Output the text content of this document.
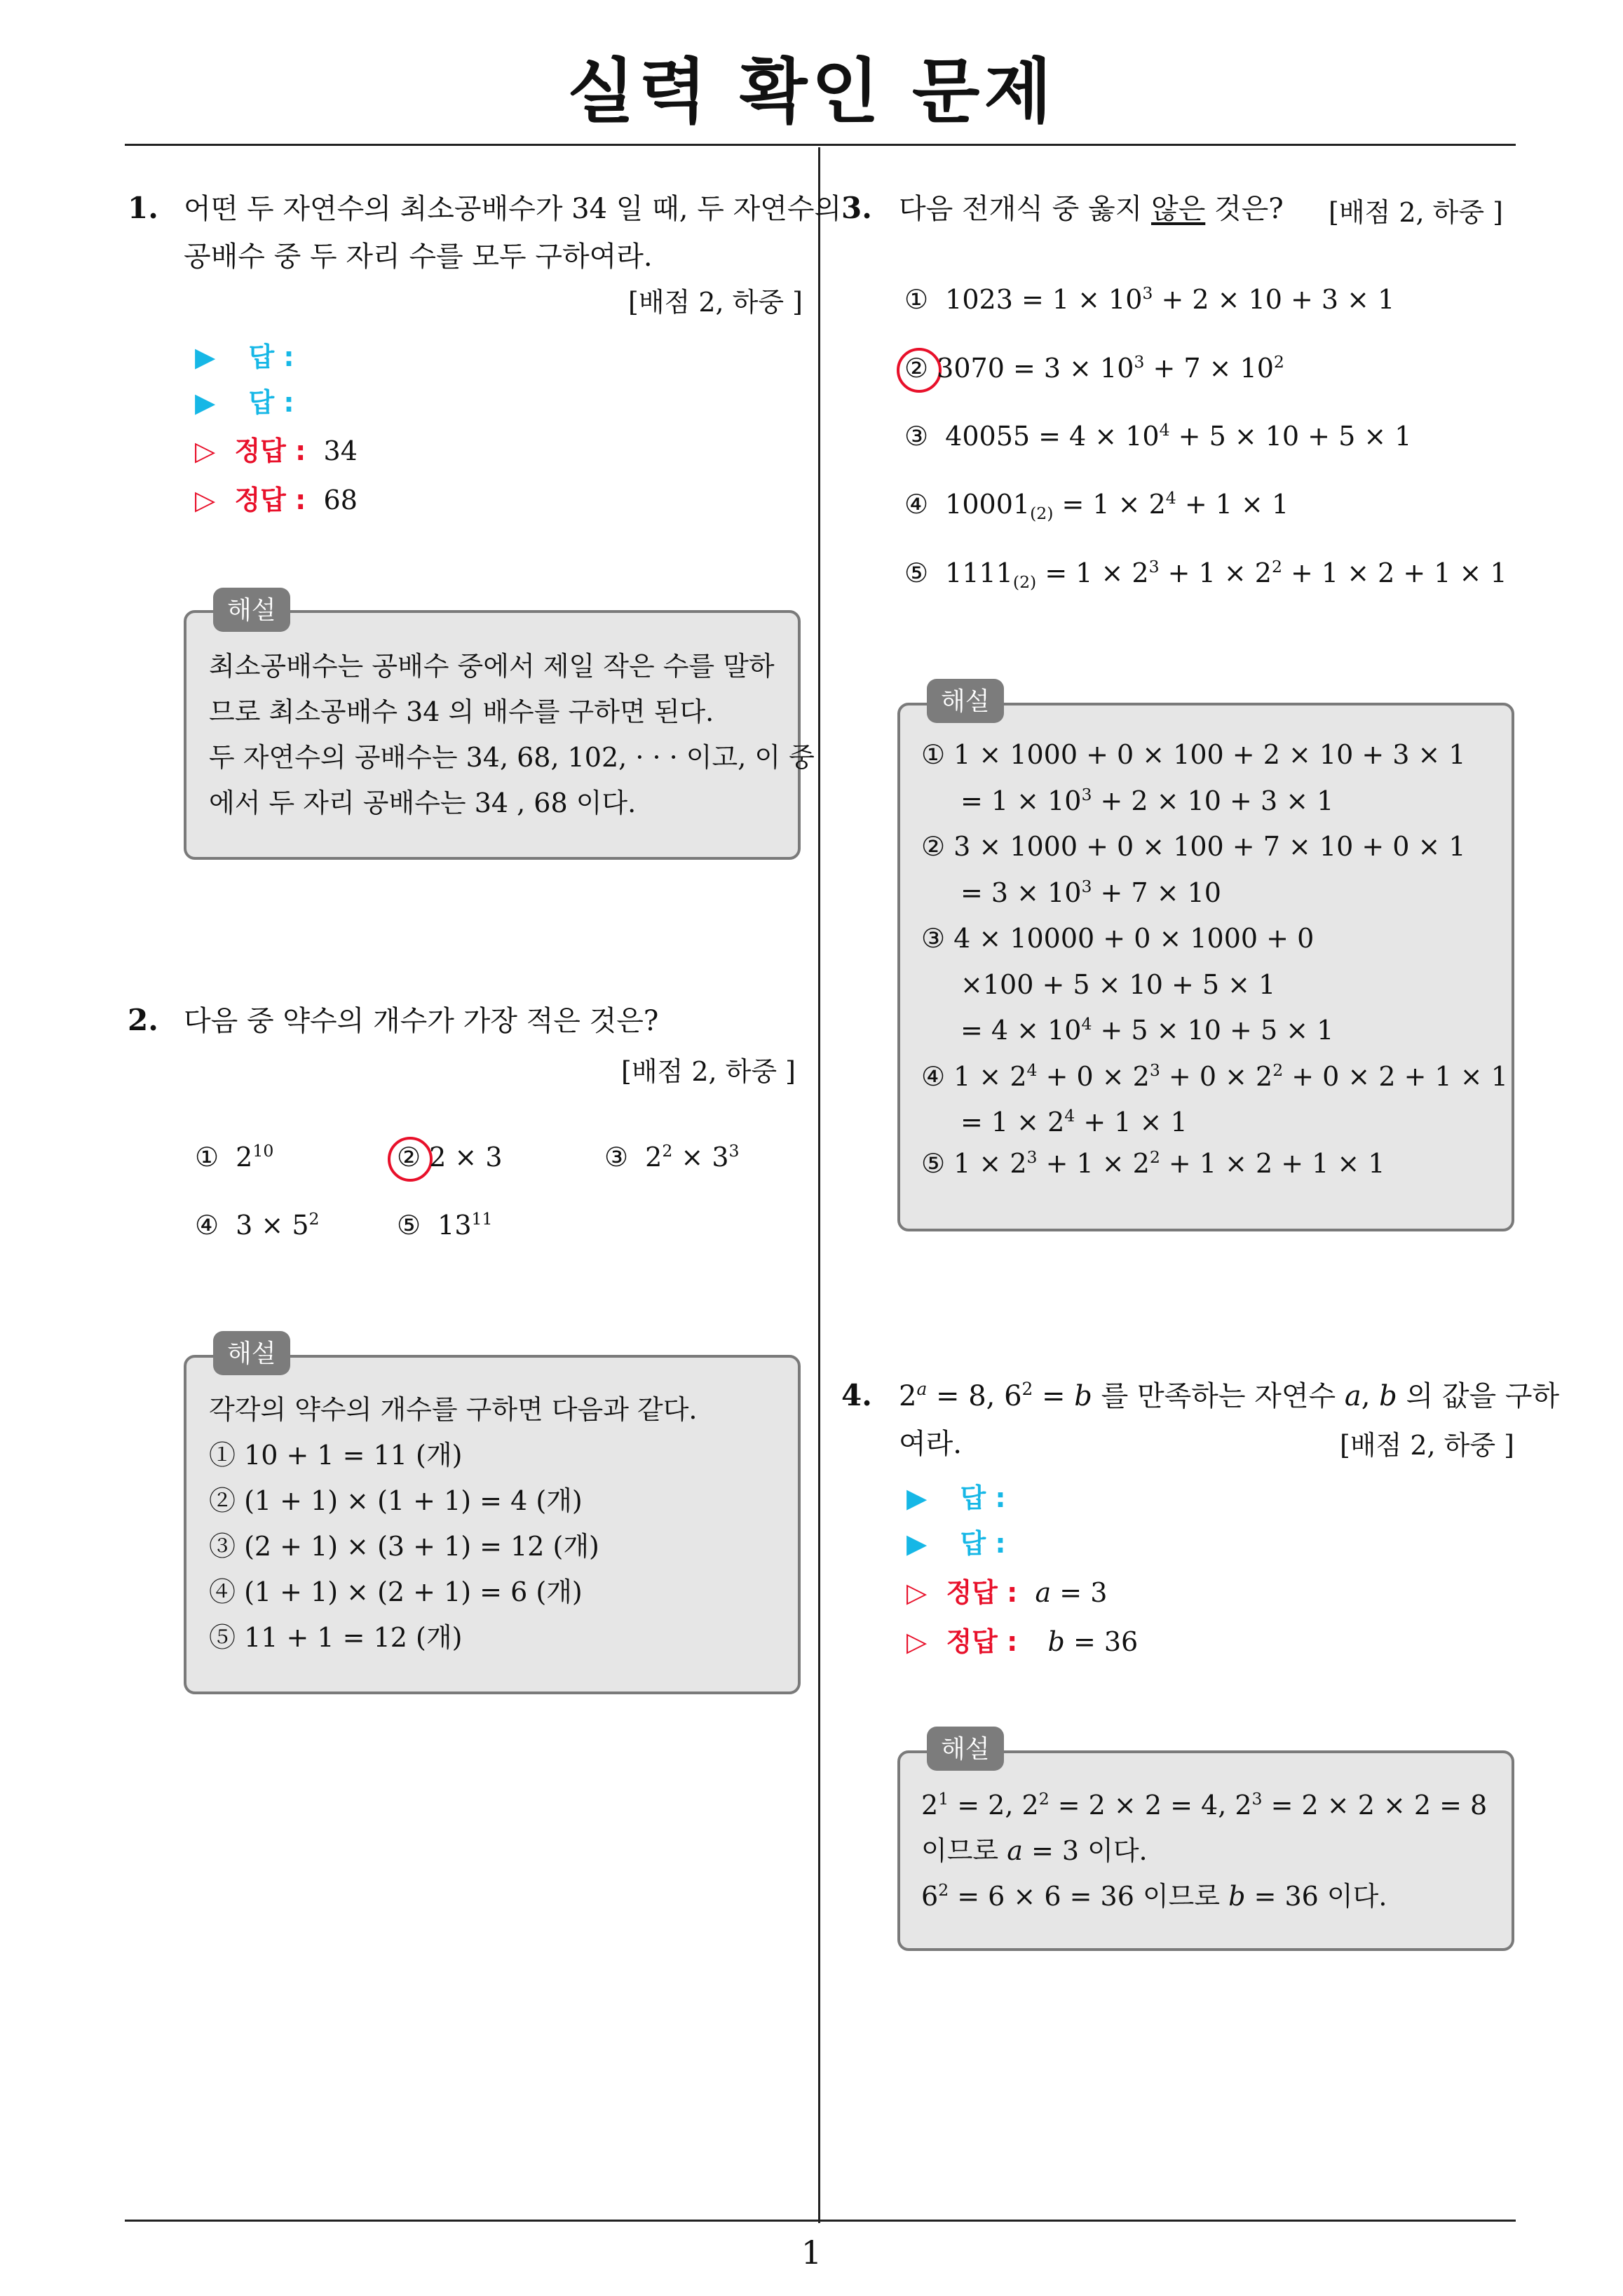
실력 확인 문제
1
1. 어떤 두 자연수의 최소공배수가 34 일 때, 두 자연수의
공배수 중 두 자리 수를 모두 구하여라.
[배점 2, 하중 ]
▶ 답 :
▶ 답 :
▷ 정답 : 34
▷ 정답 : 68
최소공배수는 공배수 중에서 제일 작은 수를 말하
므로 최소공배수 34 의 배수를 구하면 된다.
두 자연수의 공배수는 34, 68, 102, · · · 이고, 이 중
에서 두 자리 공배수는 34 , 68 이다.
해설
2. 다음 중 약수의 개수가 가장 적은 것은?
[배점 2, 하중 ]
① $2^{10}$	② 2 × 3	③ $2^2 \times 3^3$
④ $3 \times 5^2$	⑤ $13^{11}$
각각의 약수의 개수를 구하면 다음과 같다.
① 10 + 1 = 11 (개)
② (1 + 1) × (1 + 1) = 4 (개)
③ (2 + 1) × (3 + 1) = 12 (개)
④ (1 + 1) × (2 + 1) = 6 (개)
⑤ 11 + 1 = 12 (개)
해설
3. 다음 전개식 중 옳지 않은 것은? [배점 2, 하중 ]
① $1023 = 1 \times 10^3 + 2 \times 10 + 3 \times 1$
② $3070 = 3 \times 10^3 + 7 \times 10^2$
③ $40055 = 4 \times 10^4 + 5 \times 10 + 5 \times 1$
④ $10001_{(2)} = 1 \times 2^4 + 1 \times 1$
⑤ $1111_{(2)} = 1 \times 2^3 + 1 \times 2^2 + 1 \times 2 + 1 \times 1$
① 1 × 1000 + 0 × 100 + 2 × 10 + 3 × 1
= $1 \times 10^3 + 2 \times 10 + 3 \times 1$
② 3 × 1000 + 0 × 100 + 7 × 10 + 0 × 1
= $3 \times 10^3 + 7 \times 10$
③ 4 × 10000 + 0 × 1000 + 0
×100 + 5 × 10 + 5 × 1
= $4 \times 10^4 + 5 \times 10 + 5 \times 1$
④ $1 \times 2^4 + 0 \times 2^3 + 0 \times 2^2 + 0 \times 2 + 1 \times 1$
= $1 \times 2^4 + 1 \times 1$
⑤ $1 \times 2^3 + 1 \times 2^2 + 1 \times 2 + 1 \times 1$
해설
4. $2^a = 8$, $6^2 = b$ 를 만족하는 자연수 a, b 의 값을 구하
여라.	[배점 2, 하중 ]
▶ 답 :
▶ 답 :
▷ 정답 : a = 3
▷ 정답 : b = 36
$2^1 = 2$, $2^2 = 2 \times 2 = 4$, $2^3 = 2 \times 2 \times 2 = 8$
이므로 a = 3 이다.
$6^2 = 6 \times 6 = 36$ 이므로 b = 36 이다.
해설
